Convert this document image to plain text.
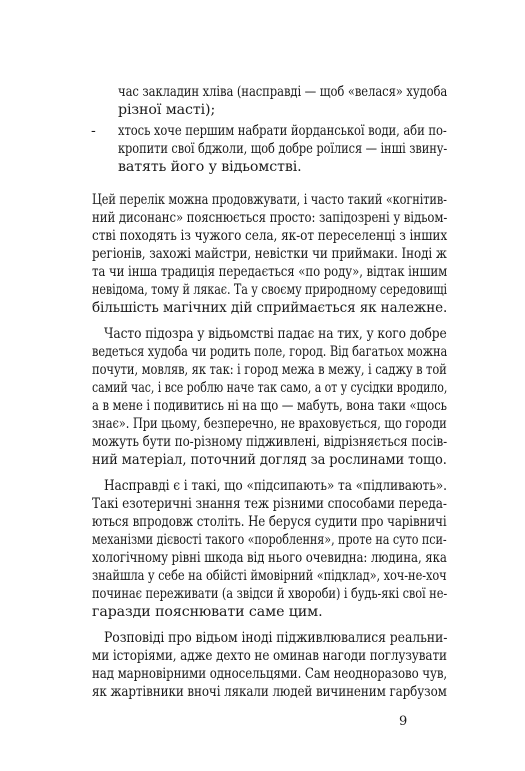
час закладин хліва (насправді — щоб «велася» худоба
різної масті);
- хтось хоче першим набрати йорданської води, аби по-
кропити свої бджоли, щоб добре роїлися — інші звину-
ватять його у відьомстві.
Цей перелік можна продовжувати, і часто такий «когнітив-
ний дисонанс» пояснюється просто: запідозрені у відьом-
стві походять із чужого села, як-от переселенці з інших
регіонів, захожі майстри, невістки чи приймаки. Іноді ж
та чи інша традиція передається «по роду», відтак іншим
невідома, тому й лякає. Та у своєму природному середовищі
більшість магічних дій сприймається як належне.
Часто підозра у відьомстві падає на тих, у кого добре
ведеться худоба чи родить поле, город. Від багатьох можна
почути, мовляв, як так: і город межа в межу, і саджу в той
самий час, і все роблю наче так само, а от у сусідки вродило,
а в мене і подивитись ні на що — мабуть, вона таки «щось
знає». При цьому, безперечно, не враховується, що городи
можуть бути по-різному підживлені, відрізняється посів-
ний матеріал, поточний догляд за рослинами тощо.
Насправді є і такі, що «підсипають» та «підливають».
Такі езотеричні знання теж різними способами переда-
ються впродовж століть. Не беруся судити про чарівничі
механізми дієвості такого «пороблення», проте на суто пси-
хологічному рівні шкода від нього очевидна: людина, яка
знайшла у себе на обійсті ймовірний «підклад», хоч-не-хоч
починає переживати (а звідси й хвороби) і будь-які свої не-
гаразди пояснювати саме цим.
Розповіді про відьом іноді підживлювалися реальни-
ми історіями, адже дехто не оминав нагоди поглузувати
над марновірними односельцями. Сам неодноразово чув,
як жартівники вночі лякали людей вичиненим гарбузом
9
